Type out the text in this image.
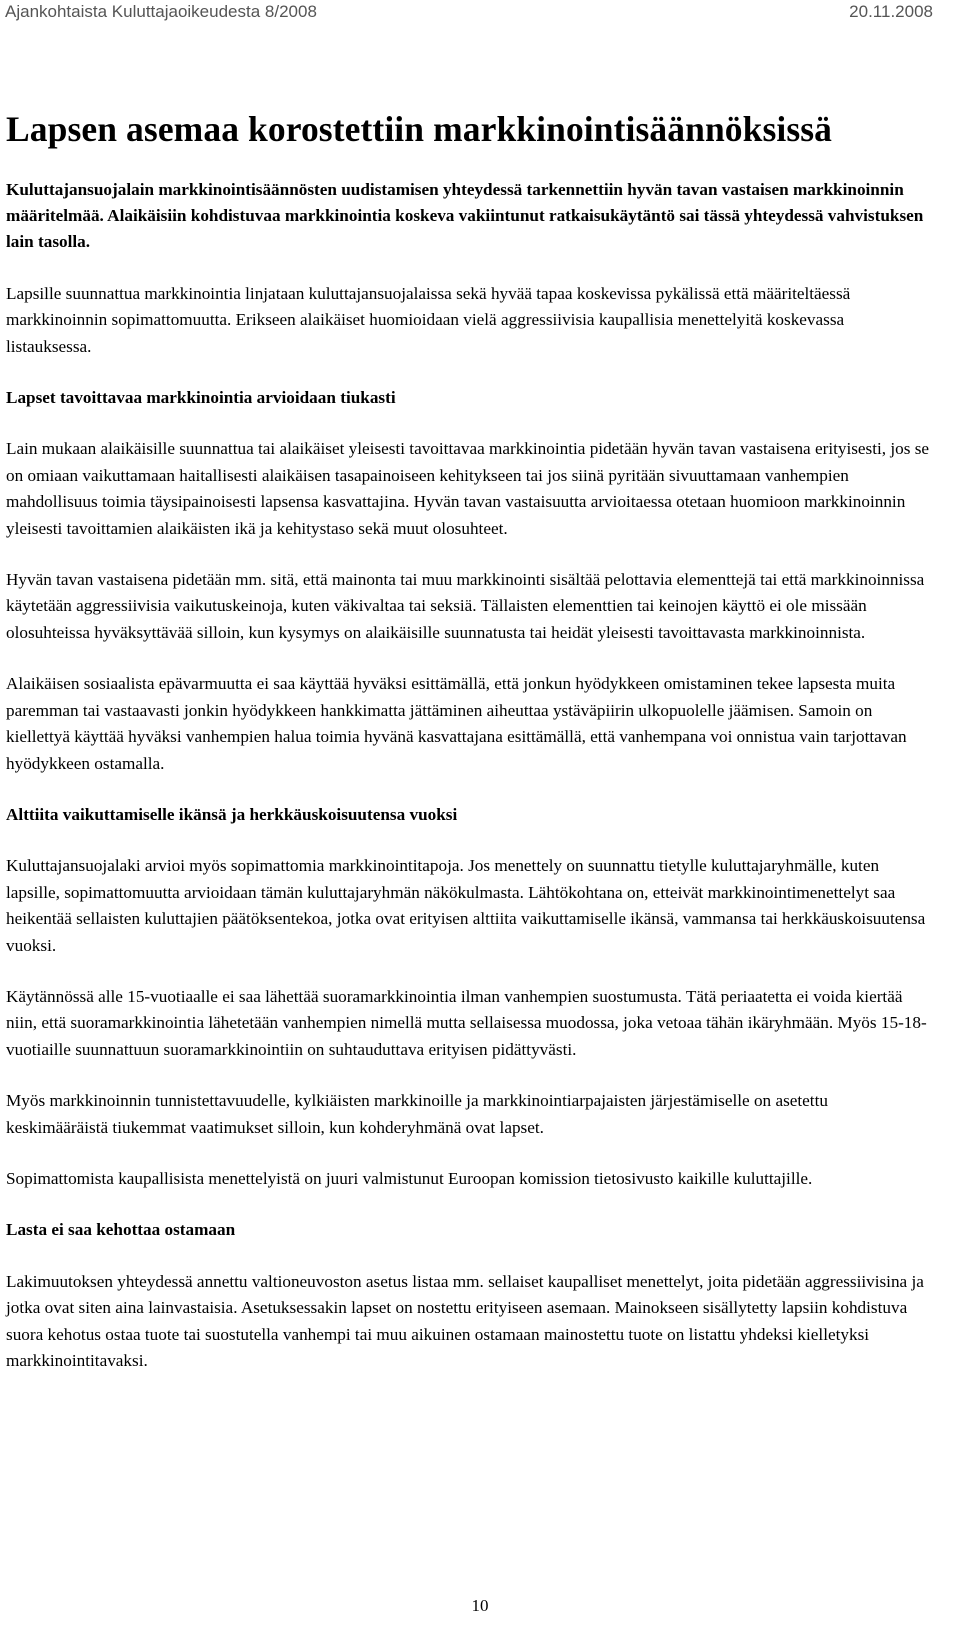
Ajankohtaista Kuluttajaoikeudesta 8/2008	20.11.2008
Lapsen asemaa korostettiin markkinointisäännöksissä

Kuluttajansuojalain markkinointisäännösten uudistamisen yhteydessä tarkennettiin hyvän tavan vastaisen markkinoinnin määritelmää. Alaikäisiin kohdistuvaa markkinointia koskeva vakiintunut ratkaisukäytäntö sai tässä yhteydessä vahvistuksen lain tasolla.

Lapsille suunnattua markkinointia linjataan kuluttajansuojalaissa sekä hyvää tapaa koskevissa pykälissä että määriteltäessä markkinoinnin sopimattomuutta. Erikseen alaikäiset huomioidaan vielä aggressiivisia kaupallisia menettelyitä koskevassa listauksessa.

Lapset tavoittavaa markkinointia arvioidaan tiukasti

Lain mukaan alaikäisille suunnattua tai alaikäiset yleisesti tavoittavaa markkinointia pidetään hyvän tavan vastaisena erityisesti, jos se on omiaan vaikuttamaan haitallisesti alaikäisen tasapainoiseen kehitykseen tai jos siinä pyritään sivuuttamaan vanhempien mahdollisuus toimia täysipainoisesti lapsensa kasvattajina. Hyvän tavan vastaisuutta arvioitaessa otetaan huomioon markkinoinnin yleisesti tavoittamien alaikäisten ikä ja kehitystaso sekä muut olosuhteet.

Hyvän tavan vastaisena pidetään mm. sitä, että mainonta tai muu markkinointi sisältää pelottavia elementtejä tai että markkinoinnissa käytetään aggressiivisia vaikutuskeinoja, kuten väkivaltaa tai seksiä. Tällaisten elementtien tai keinojen käyttö ei ole missään olosuhteissa hyväksyttävää silloin, kun kysymys on alaikäisille suunnatusta tai heidät yleisesti tavoittavasta markkinoinnista.

Alaikäisen sosiaalista epävarmuutta ei saa käyttää hyväksi esittämällä, että jonkun hyödykkeen omistaminen tekee lapsesta muita paremman tai vastaavasti jonkin hyödykkeen hankkimatta jättäminen aiheuttaa ystäväpiirin ulkopuolelle jäämisen. Samoin on kiellettyä käyttää hyväksi vanhempien halua toimia hyvänä kasvattajana esittämällä, että vanhempana voi onnistua vain tarjottavan hyödykkeen ostamalla.

Alttiita vaikuttamiselle ikänsä ja herkkäuskoisuutensa vuoksi

Kuluttajansuojalaki arvioi myös sopimattomia markkinointitapoja. Jos menettely on suunnattu tietylle kuluttajaryhmälle, kuten lapsille, sopimattomuutta arvioidaan tämän kuluttajaryhmän näkökulmasta. Lähtökohtana on, etteivät markkinointimenettelyt saa heikentää sellaisten kuluttajien päätöksentekoa, jotka ovat erityisen alttiita vaikuttamiselle ikänsä, vammansa tai herkkäuskoisuutensa vuoksi.

Käytännössä alle 15-vuotiaalle ei saa lähettää suoramarkkinointia ilman vanhempien suostumusta. Tätä periaatetta ei voida kiertää niin, että suoramarkkinointia lähetetään vanhempien nimellä mutta sellaisessa muodossa, joka vetoaa tähän ikäryhmään. Myös 15-18-vuotiaille suunnattuun suoramarkkinointiin on suhtauduttava erityisen pidättyvästi.

Myös markkinoinnin tunnistettavuudelle, kylkiäisten markkinoille ja markkinointiarpajaisten järjestämiselle on asetettu keskimääräistä tiukemmat vaatimukset silloin, kun kohderyhmänä ovat lapset.

Sopimattomista kaupallisista menettelyistä on juuri valmistunut Euroopan komission tietosivusto kaikille kuluttajille.

Lasta ei saa kehottaa ostamaan

Lakimuutoksen yhteydessä annettu valtioneuvoston asetus listaa mm. sellaiset kaupalliset menettelyt, joita pidetään aggressiivisina ja jotka ovat siten aina lainvastaisia. Asetuksessakin lapset on nostettu erityiseen asemaan. Mainokseen sisällytetty lapsiin kohdistuva suora kehotus ostaa tuote tai suostutella vanhempi tai muu aikuinen ostamaan mainostettu tuote on listattu yhdeksi kielletyksi markkinointitavaksi.

10
